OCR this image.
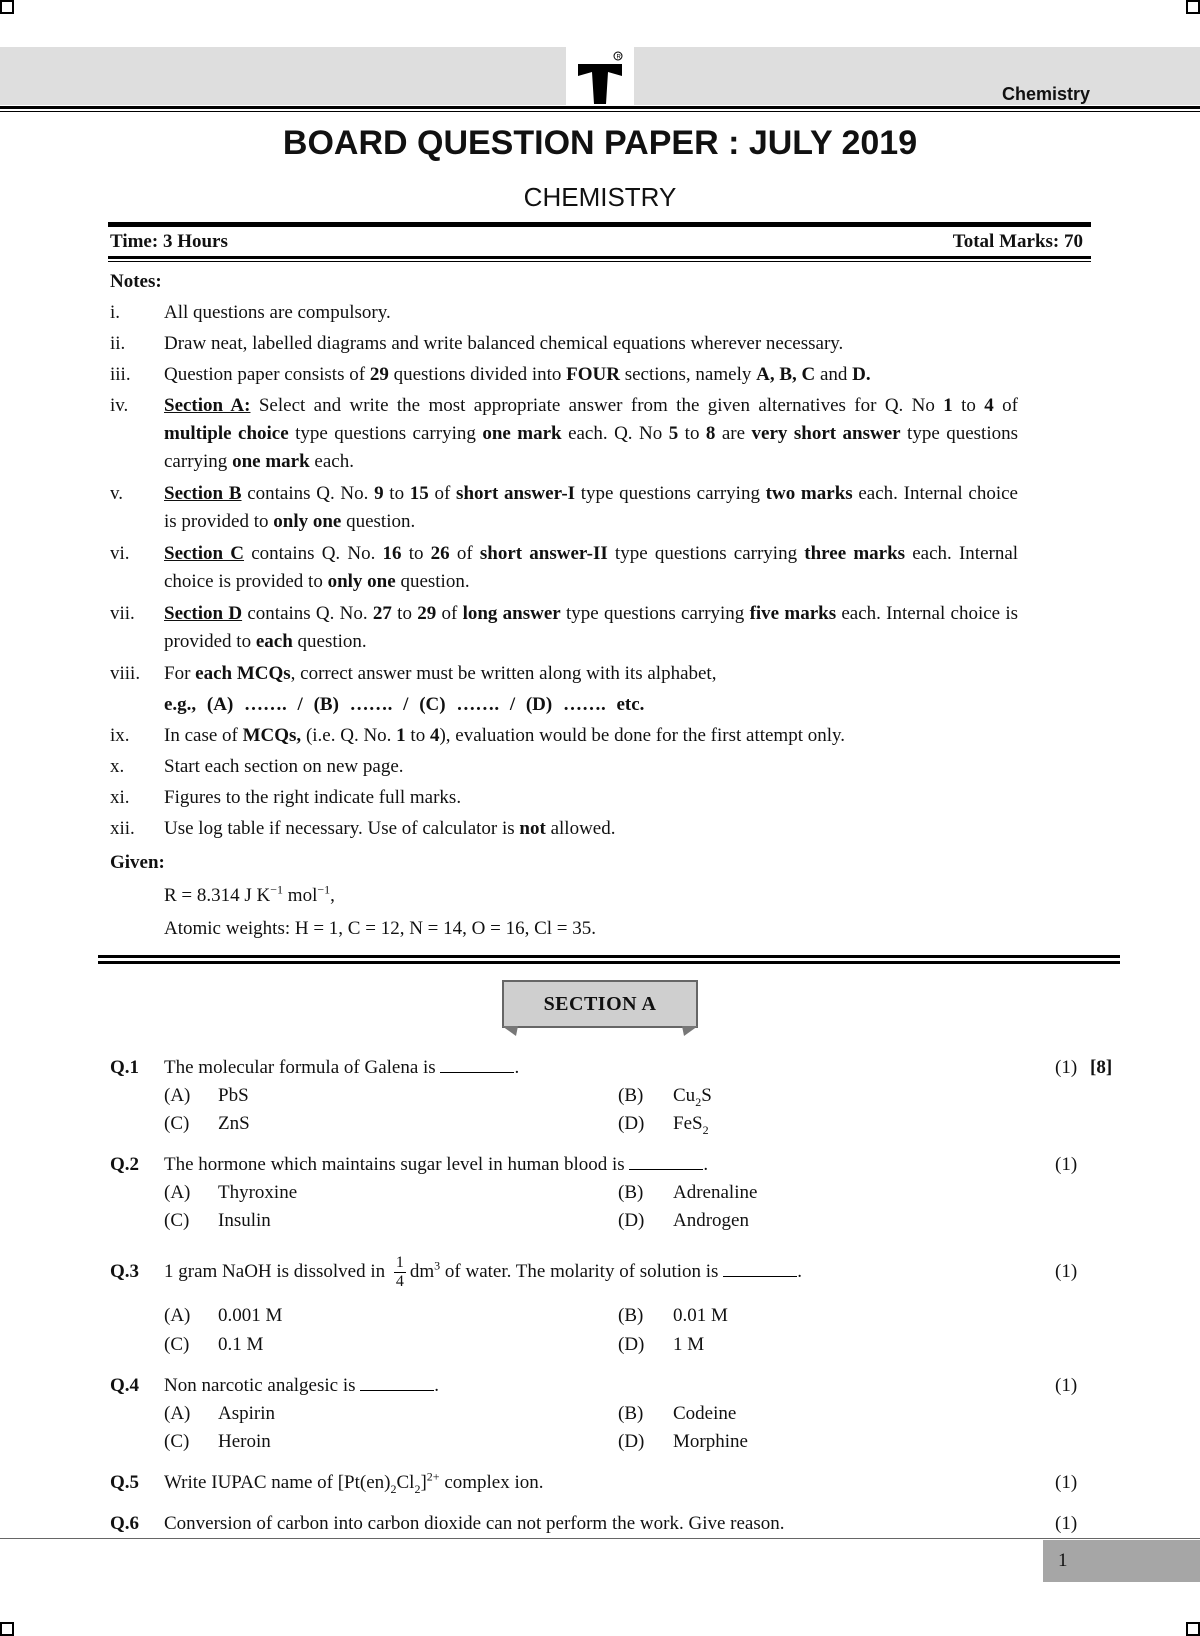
R
Chemistry
BOARD QUESTION PAPER : JULY 2019
CHEMISTRY
Time: 3 Hours	Total Marks: 70
Notes:
i. All questions are compulsory.
ii. Draw neat, labelled diagrams and write balanced chemical equations wherever necessary.
iii. Question paper consists of 29 questions divided into FOUR sections, namely A, B, C and D.
iv. Section A: Select and write the most appropriate answer from the given alternatives for Q. No 1 to 4 of multiple choice type questions carrying one mark each. Q. No 5 to 8 are very short answer type questions carrying one mark each.
v. Section B contains Q. No. 9 to 15 of short answer-I type questions carrying two marks each. Internal choice is provided to only one question.
vi. Section C contains Q. No. 16 to 26 of short answer-II type questions carrying three marks each. Internal choice is provided to only one question.
vii. Section D contains Q. No. 27 to 29 of long answer type questions carrying five marks each. Internal choice is provided to each question.
viii. For each MCQs, correct answer must be written along with its alphabet,
e.g., (A) ……. / (B) ……. / (C) ……. / (D) ……. etc.
ix. In case of MCQs, (i.e. Q. No. 1 to 4), evaluation would be done for the first attempt only.
x. Start each section on new page.
xi. Figures to the right indicate full marks.
xii. Use log table if necessary. Use of calculator is not allowed.
Given:
R = 8.314 J $K^{-1}$ mol$^{-1}$,
Atomic weights: H = 1, C = 12, N = 14, O = 16, Cl = 35.
SECTION A
Q.1 The molecular formula of Galena is	.	(1) [8]
(A) PbS	(B) $Cu_2S$
(C) ZnS	(D) FeS$_2$
Q.2 The hormone which maintains sugar level in human blood is	.	(1)
(A) Thyroxine	(B) Adrenaline
(C) Insulin	(D) Androgen
Q.3 1 gram NaOH is dissolved in $\frac{1}{4} dm^3$ of water. The molarity of solution is	.	(1)
(A) 0.001 M	(B) 0.01 M
(C) 0.1 M	(D) 1 M
Q.4 Non narcotic analgesic is	.	(1)
(A) Aspirin	(B) Codeine
(C) Heroin	(D) Morphine
Q.5 Write IUPAC name of $[Pt(en)_2Cl_2]^{2+}$ complex ion.	(1)
Q.6 Conversion of carbon into carbon dioxide can not perform the work. Give reason.	(1)
1
